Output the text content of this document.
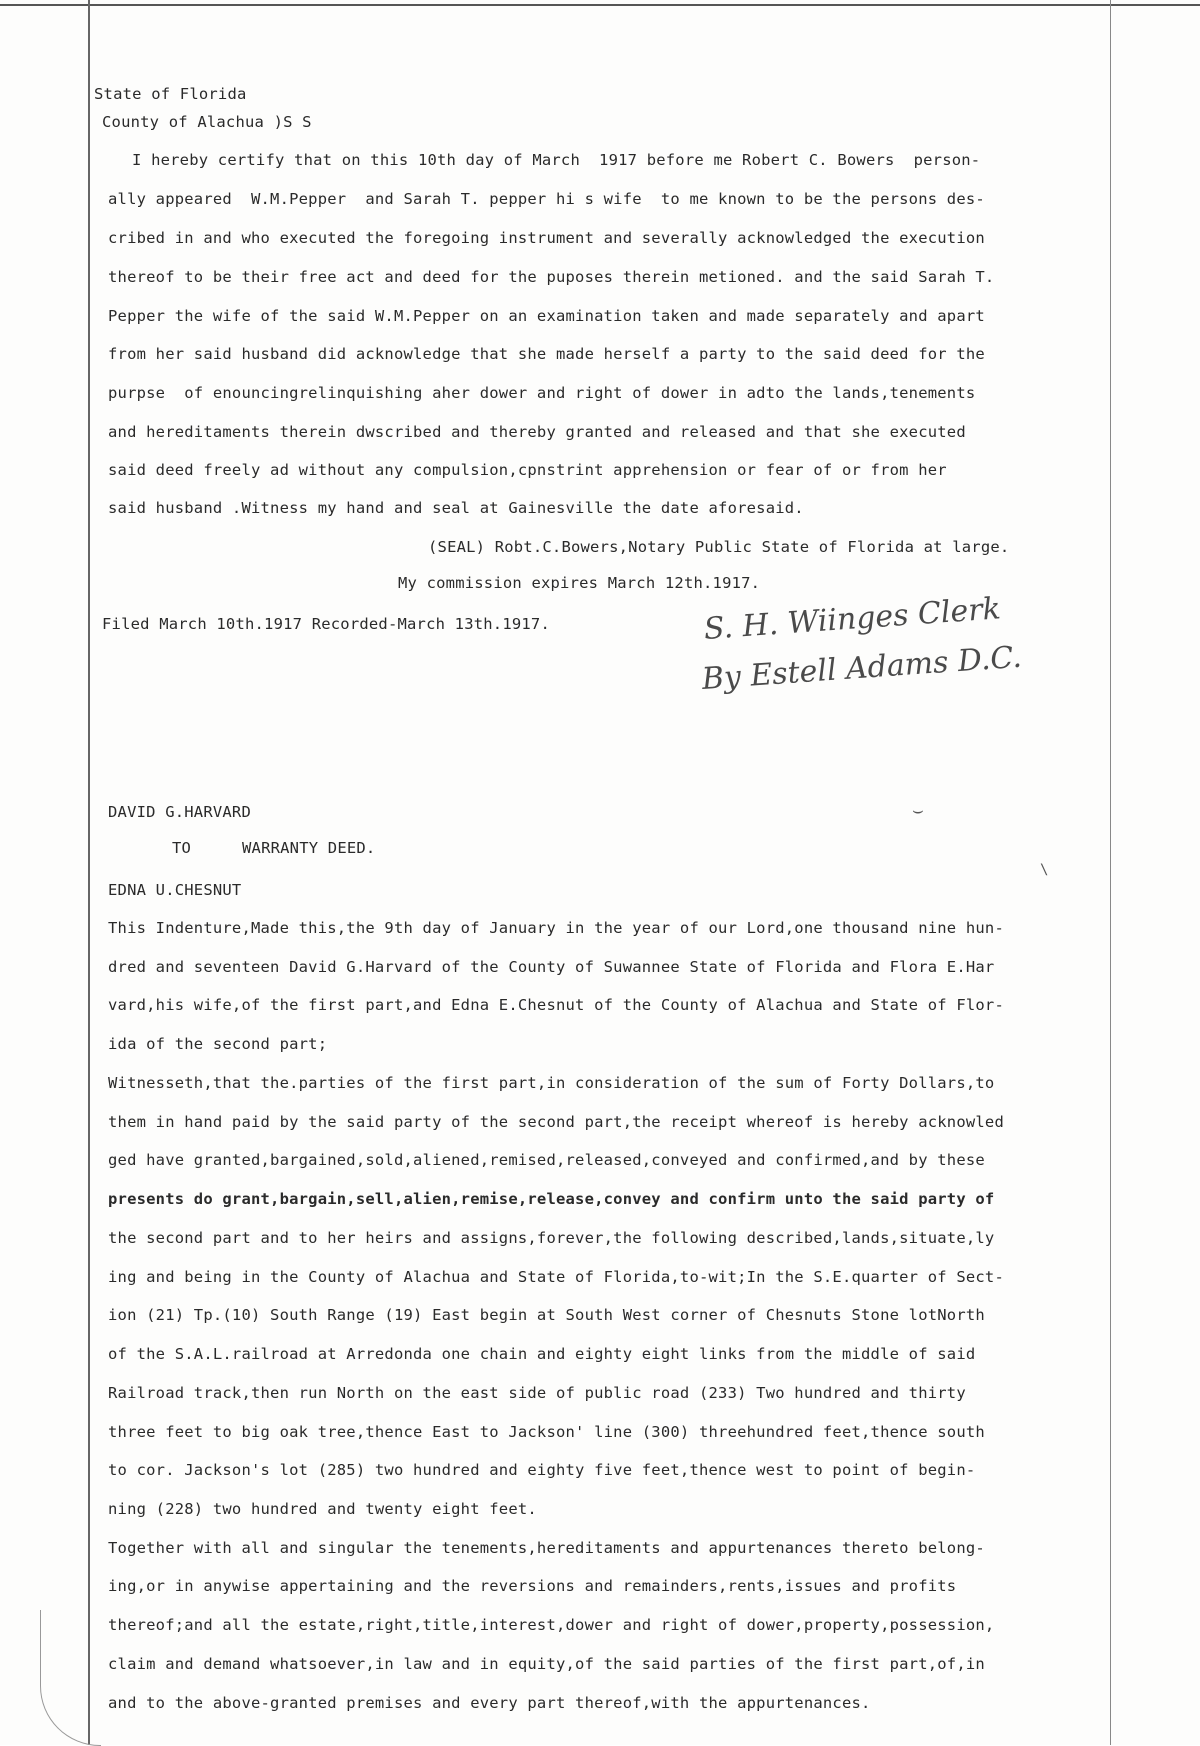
State of Florida
County of Alachua )S S
I hereby certify that on this 10th day of March  1917 before me Robert C. Bowers  person-
ally appeared  W.M.Pepper  and Sarah T. pepper hi s wife  to me known to be the persons des-
cribed in and who executed the foregoing instrument and severally acknowledged the execution
thereof to be their free act and deed for the puposes therein metioned. and the said Sarah T.
Pepper the wife of the said W.M.Pepper on an examination taken and made separately and apart
from her said husband did acknowledge that she made herself a party to the said deed for the
purpse  of enouncingrelinquishing aher dower and right of dower in adto the lands,tenements
and hereditaments therein dwscribed and thereby granted and released and that she executed
said deed freely ad without any compulsion,cpnstrint apprehension or fear of or from her
said husband .Witness my hand and seal at Gainesville the date aforesaid.
(SEAL) Robt.C.Bowers,Notary Public State of Florida at large.
My commission expires March 12th.1917.
Filed March 10th.1917 Recorded-March 13th.1917.	S. H. Wiinges Clerk
By Estell Adams D.C.
DAVID G.HARVARD
TO	WARRANTY DEED.
EDNA U.CHESNUT
This Indenture,Made this,the 9th day of January in the year of our Lord,one thousand nine hun-
dred and seventeen David G.Harvard of the County of Suwannee State of Florida and Flora E.Har
vard,his wife,of the first part,and Edna E.Chesnut of the County of Alachua and State of Flor-
ida of the second part;
Witnesseth,that the.parties of the first part,in consideration of the sum of Forty Dollars,to
them in hand paid by the said party of the second part,the receipt whereof is hereby acknowled
ged have granted,bargained,sold,aliened,remised,released,conveyed and confirmed,and by these
presents do grant,bargain,sell,alien,remise,release,convey and confirm unto the said party of
the second part and to her heirs and assigns,forever,the following described,lands,situate,ly
ing and being in the County of Alachua and State of Florida,to-wit;In the S.E.quarter of Sect-
ion (21) Tp.(10) South Range (19) East begin at South West corner of Chesnuts Stone lotNorth
of the S.A.L.railroad at Arredonda one chain and eighty eight links from the middle of said
Railroad track,then run North on the east side of public road (233) Two hundred and thirty
three feet to big oak tree,thence East to Jackson' line (300) threehundred feet,thence south
to cor. Jackson's lot (285) two hundred and eighty five feet,thence west to point of begin-
ning (228) two hundred and twenty eight feet.
Together with all and singular the tenements,hereditaments and appurtenances thereto belong-
ing,or in anywise appertaining and the reversions and remainders,rents,issues and profits
thereof;and all the estate,right,title,interest,dower and right of dower,property,possession,
claim and demand whatsoever,in law and in equity,of the said parties of the first part,of,in
and to the above-granted premises and every part thereof,with the appurtenances.
⌣
\
